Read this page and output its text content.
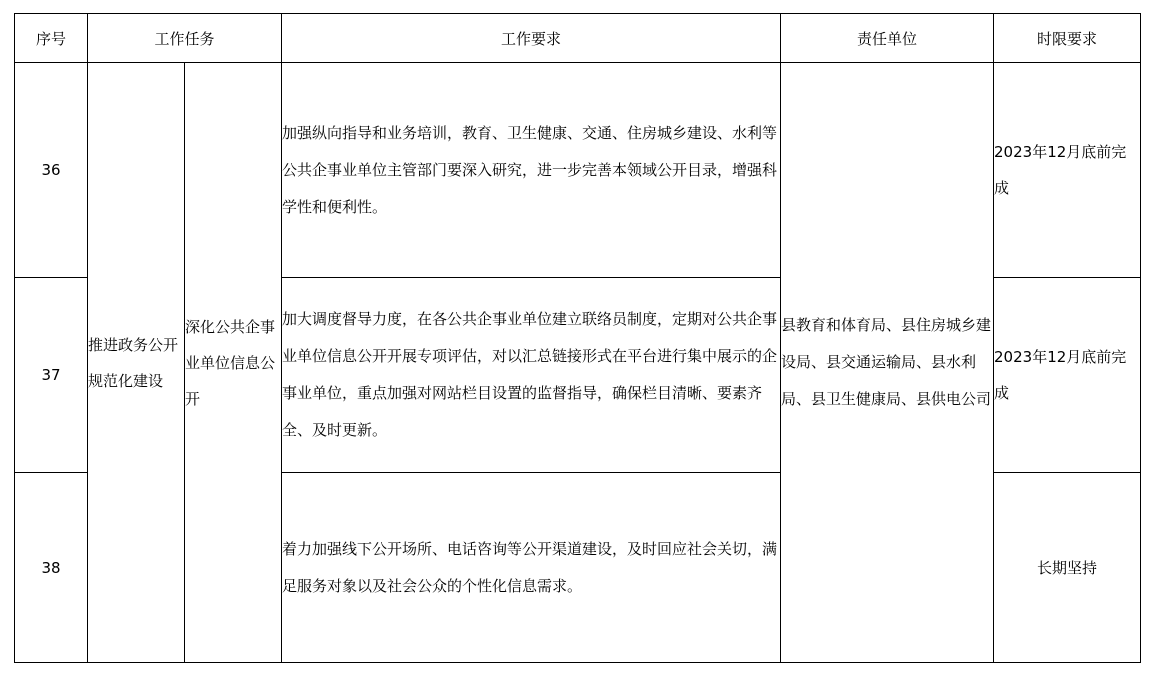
序号	工作任务		工作要求	责任单位	时限要求
36	推进政务公开规范化建设	深化公共企事业单位信息公开	加强纵向指导和业务培训，教育、卫生健康、交通、住房城乡建设、水利等公共企事业单位主管部门要深入研究，进一步完善本领域公开目录，增强科学性和便利性。	县教育和体育局、县住房城乡建设局、县交通运输局、县水利局、县卫生健康局、县供电公司	2023年12月底前完成
37			加大调度督导力度，在各公共企事业单位建立联络员制度，定期对公共企事业单位信息公开开展专项评估，对以汇总链接形式在平台进行集中展示的企事业单位，重点加强对网站栏目设置的监督指导，确保栏目清晰、要素齐全、及时更新。		2023年12月底前完成
38			着力加强线下公开场所、电话咨询等公开渠道建设，及时回应社会关切，满足服务对象以及社会公众的个性化信息需求。		长期坚持
